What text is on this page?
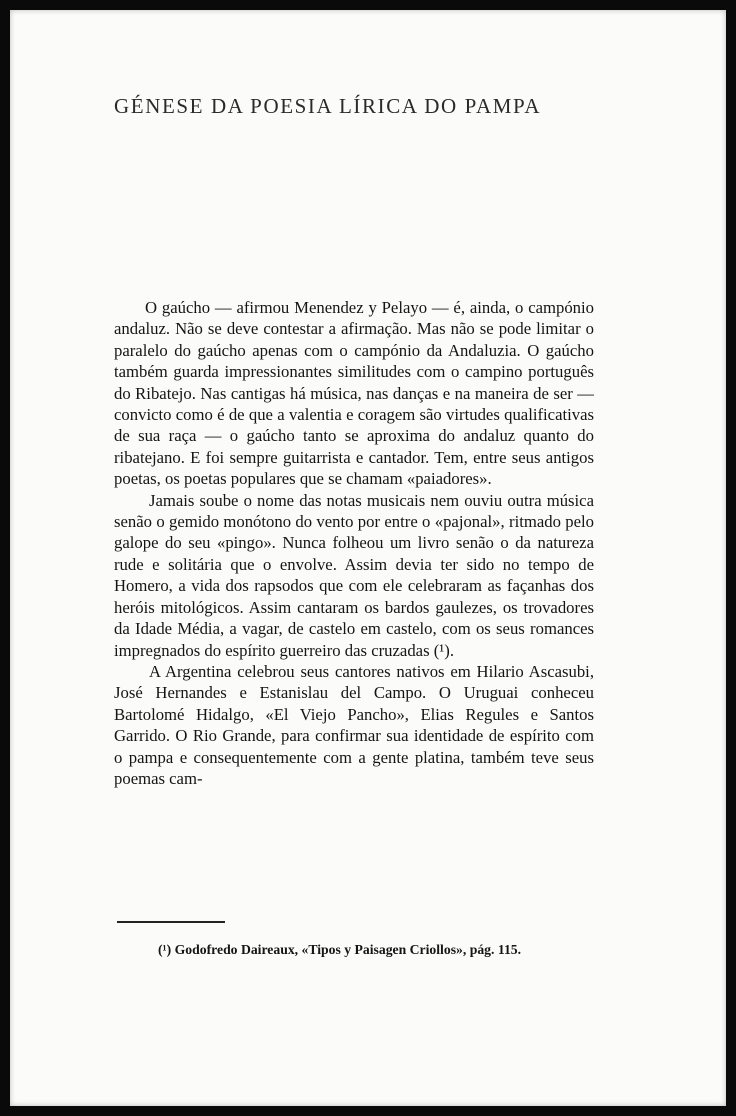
GÉNESE DA POESIA LÍRICA DO PAMPA

O gaúcho — afirmou Menendez y Pelayo — é, ainda, o campónio andaluz. Não se deve contestar a afirmação. Mas não se pode limitar o paralelo do gaúcho apenas com o campónio da Andaluzia. O gaúcho também guarda impressionantes similitudes com o campino português do Ribatejo. Nas cantigas há música, nas danças e na maneira de ser — convicto como é de que a valentia e coragem são virtudes qualificativas de sua raça — o gaúcho tanto se aproxima do andaluz quanto do ribatejano. E foi sempre guitarrista e cantador. Tem, entre seus antigos poetas, os poetas populares que se chamam «paiadores».

Jamais soube o nome das notas musicais nem ouviu outra música senão o gemido monótono do vento por entre o «pajonal», ritmado pelo galope do seu «pingo». Nunca folheou um livro senão o da natureza rude e solitária que o envolve. Assim devia ter sido no tempo de Homero, a vida dos rapsodos que com ele celebraram as façanhas dos heróis mitológicos. Assim cantaram os bardos gaulezes, os trovadores da Idade Média, a vagar, de castelo em castelo, com os seus romances impregnados do espírito guerreiro das cruzadas (¹).

A Argentina celebrou seus cantores nativos em Hilario Ascasubi, José Hernandes e Estanislau del Campo. O Uruguai conheceu Bartolomé Hidalgo, «El Viejo Pancho», Elias Regules e Santos Garrido. O Rio Grande, para confirmar sua identidade de espírito com o pampa e consequentemente com a gente platina, também teve seus poemas cam-

(¹) Godofredo Daireaux, «Tipos y Paisagen Criollos», pág. 115.
